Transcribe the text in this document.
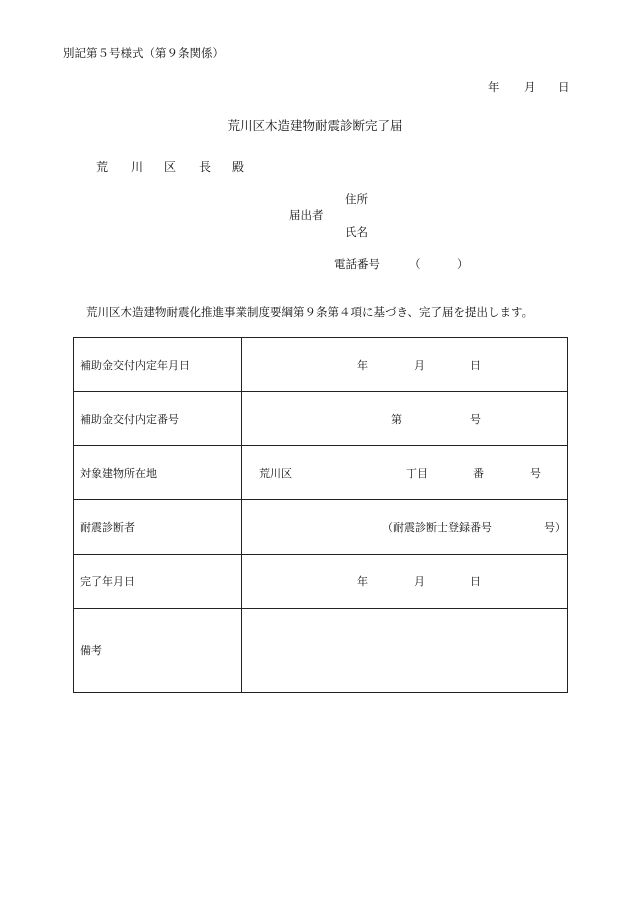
別記第５号様式（第９条関係）
年 月 日
荒川区木造建物耐震診断完了届
荒 川 区 長 殿
住所
届出者
氏名
電話番号	（	）
荒川区木造建物耐震化推進事業制度要綱第９条第４項に基づき、完了届を提出します。
補助金交付内定年月日	年 月 日

補助金交付内定番号	第 号

対象建物所在地	荒川区 丁目 番 号

耐震診断者	（耐震診断士登録番号 号）

完了年月日	年 月 日

備考	
